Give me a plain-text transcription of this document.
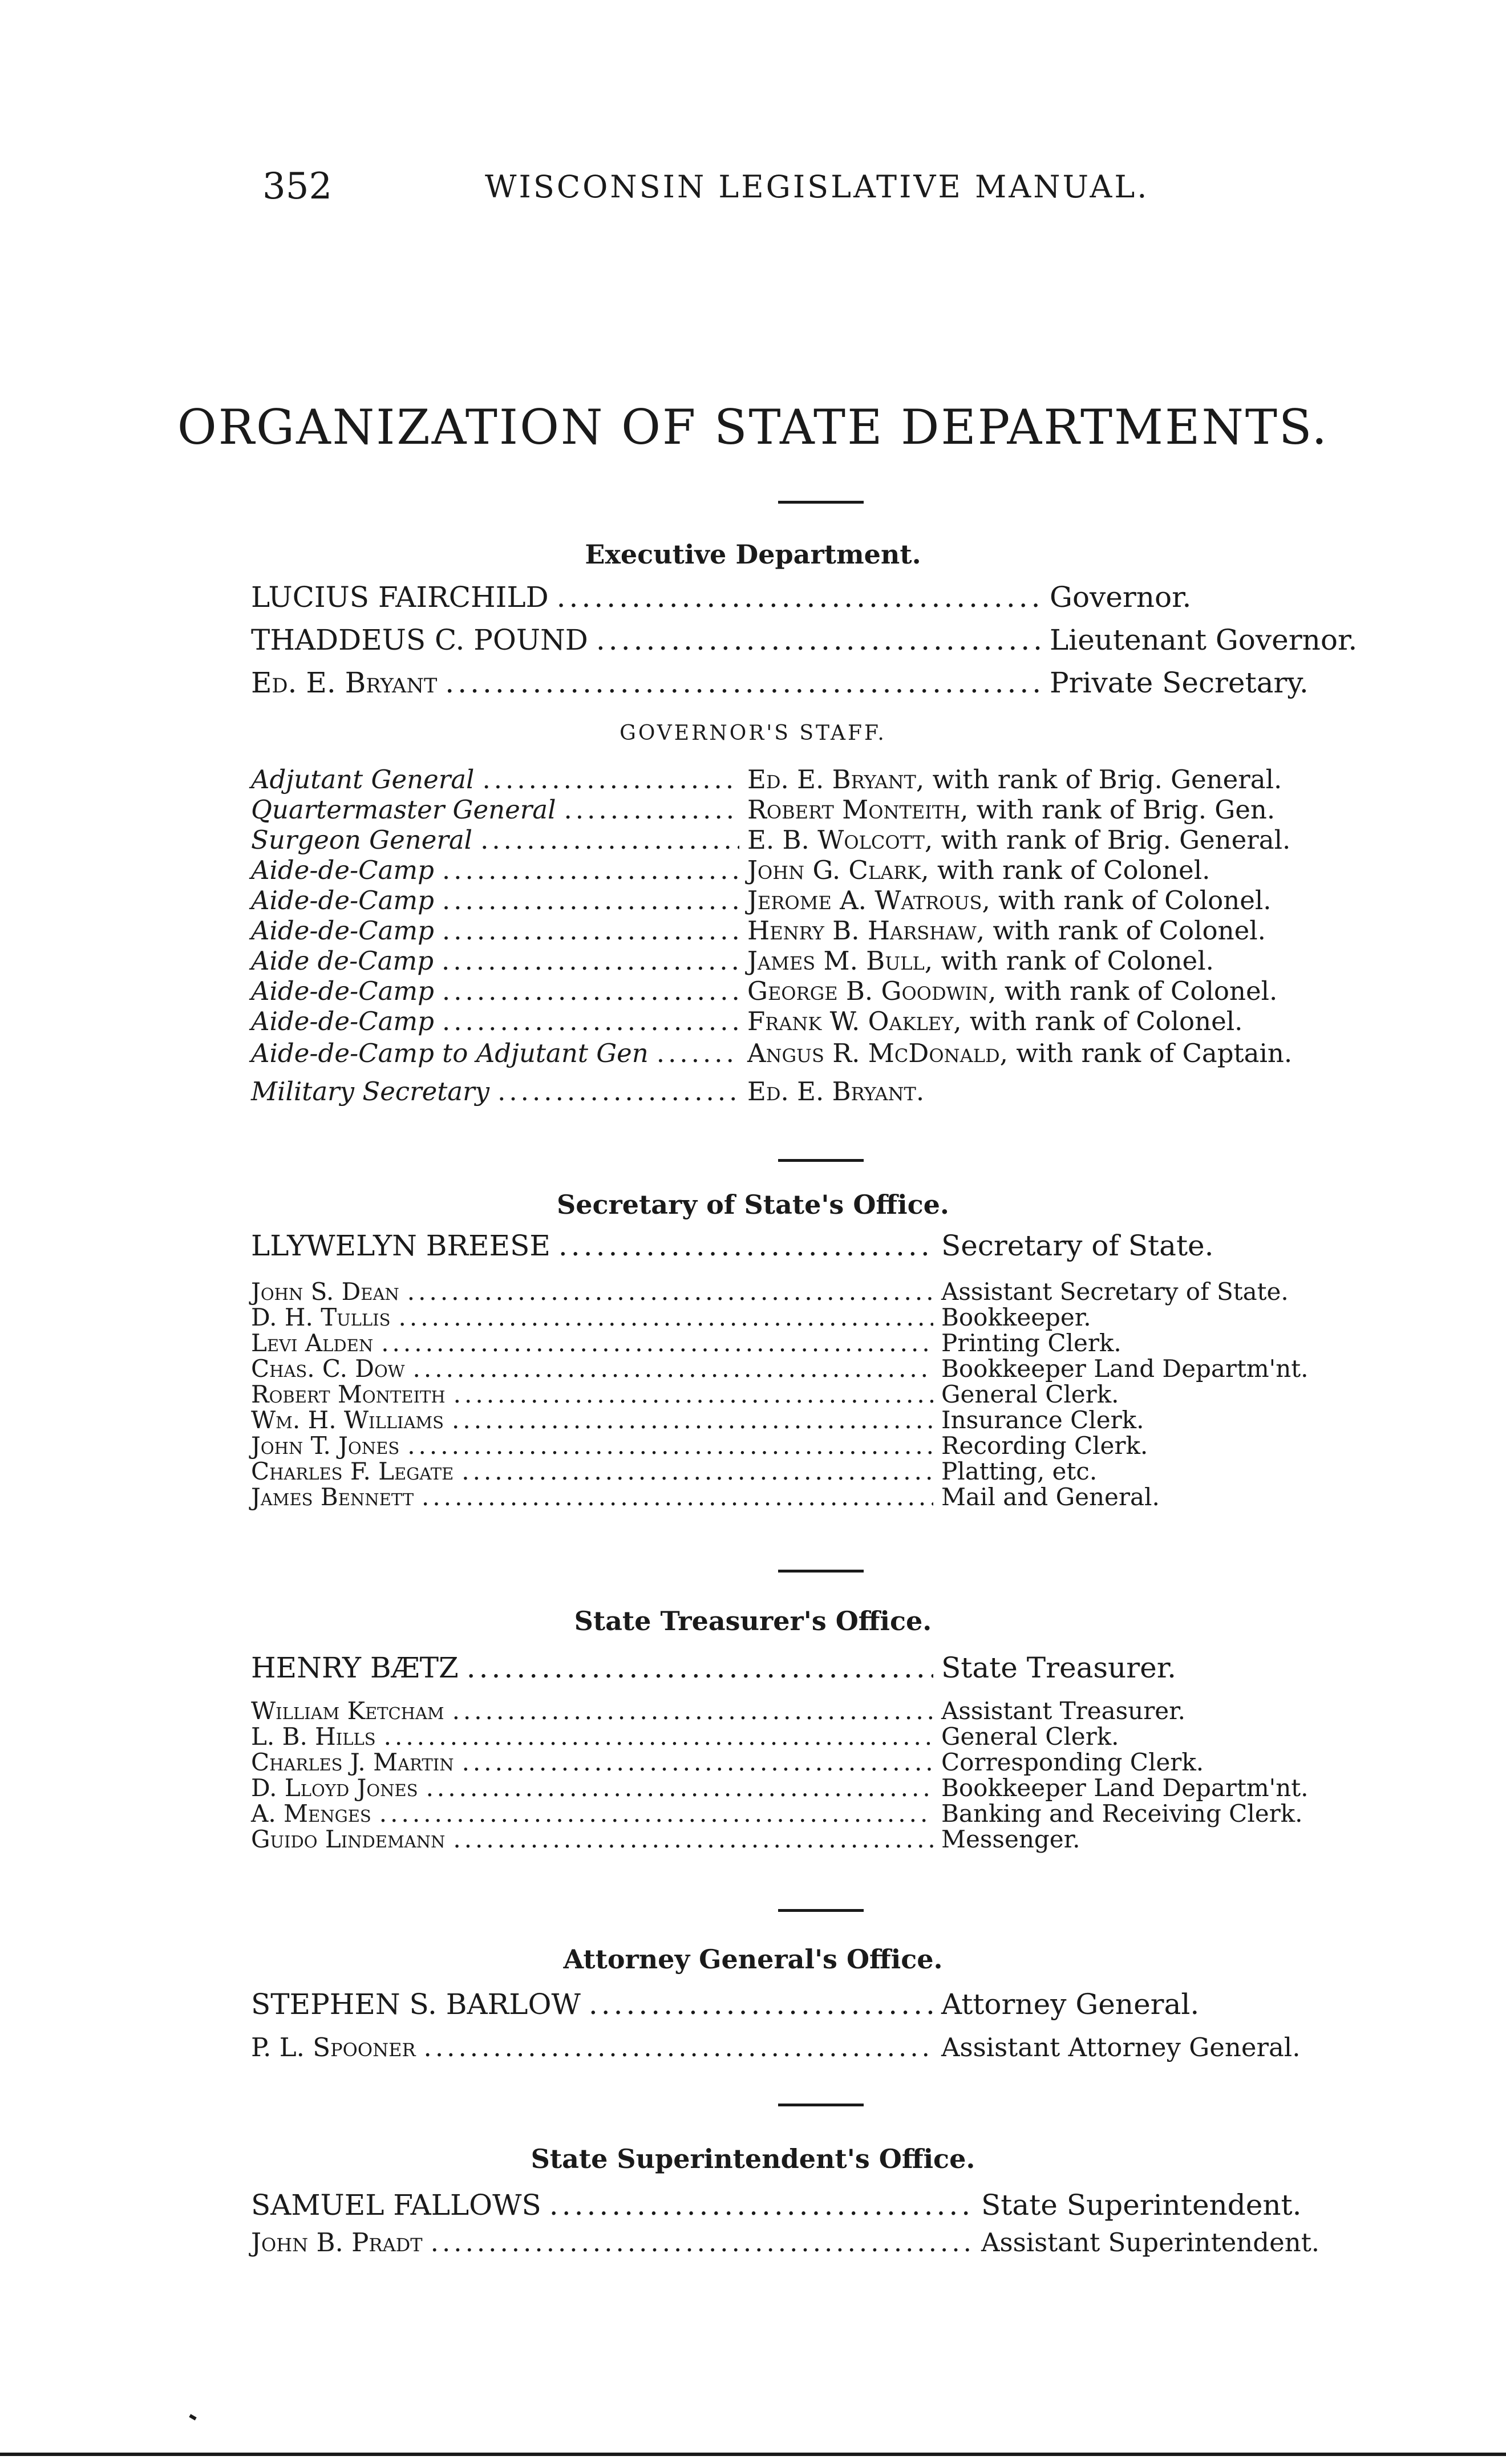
352	WISCONSIN LEGISLATIVE MANUAL.
ORGANIZATION OF STATE DEPARTMENTS.
Executive Department.
LUCIUS FAIRCHILD .....	Governor.
THADDEUS C. POUND .....	Lieutenant Governor.
Ed. E. Bryant .....	Private Secretary.
GOVERNOR'S STAFF.
Adjutant General .....	Ed. E. Bryant, with rank of Brig. General.
Quartermaster General .....	Robert Monteith, with rank of Brig. Gen.
Surgeon General .....	E. B. Wolcott, with rank of Brig. General.
Aide-de-Camp .....	John G. Clark, with rank of Colonel.
Aide-de-Camp .....	Jerome A. Watrous, with rank of Colonel.
Aide-de-Camp .....	Henry B. Harshaw, with rank of Colonel.
Aide de-Camp .....	James M. Bull, with rank of Colonel.
Aide-de-Camp .....	George B. Goodwin, with rank of Colonel.
Aide-de-Camp .....	Frank W. Oakley, with rank of Colonel.
Aide-de-Camp to Adjutant Gen .....	Angus R. McDonald, with rank of Captain.
Military Secretary .....	Ed. E. Bryant.
Secretary of State's Office.
LLYWELYN BREESE .....	Secretary of State.
John S. Dean .....	Assistant Secretary of State.
D. H. Tullis .....	Bookkeeper.
Levi Alden .....	Printing Clerk.
Chas. C. Dow .....	Bookkeeper Land Departm'nt.
Robert Monteith .....	General Clerk.
Wm. H. Williams .....	Insurance Clerk.
John T. Jones .....	Recording Clerk.
Charles F. Legate .....	Platting, etc.
James Bennett .....	Mail and General.
State Treasurer's Office.
HENRY BÆTZ .....	State Treasurer.
William Ketcham .....	Assistant Treasurer.
L. B. Hills .....	General Clerk.
Charles J. Martin .....	Corresponding Clerk.
D. Lloyd Jones .....	Bookkeeper Land Departm'nt.
A. Menges .....	Banking and Receiving Clerk.
Guido Lindemann .....	Messenger.
Attorney General's Office.
STEPHEN S. BARLOW .....	Attorney General.
P. L. Spooner .....	Assistant Attorney General.
State Superintendent's Office.
SAMUEL FALLOWS .....	State Superintendent.
John B. Pradt .....	Assistant Superintendent.
